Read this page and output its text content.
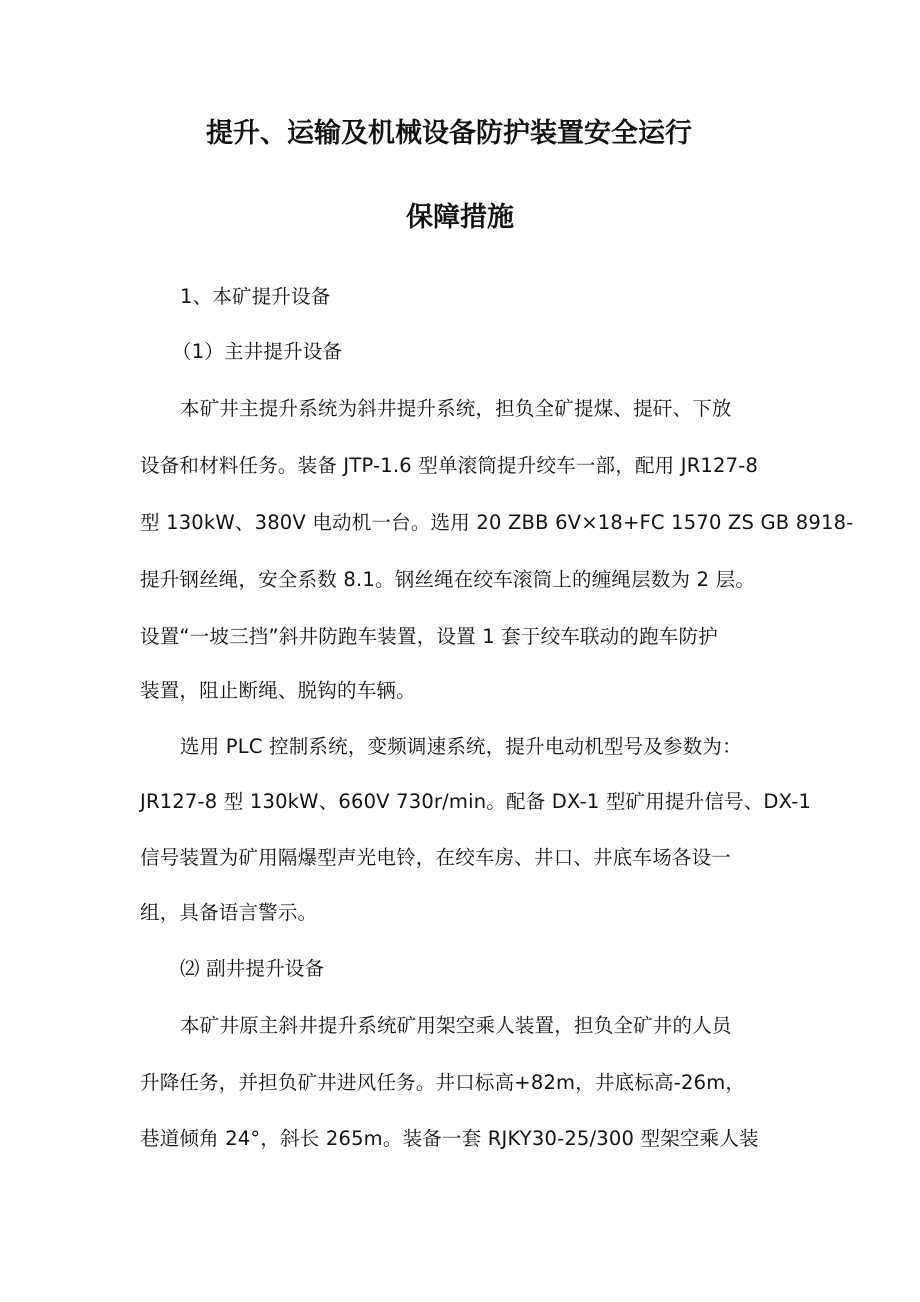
提升、运输及机械设备防护装置安全运行
保障措施

1、本矿提升设备

（1）主井提升设备

本矿井主提升系统为斜井提升系统，担负全矿提煤、提矸、下放

设备和材料任务。装备 JTP-1.6 型单滚筒提升绞车一部，配用 JR127-8

型 130kW、380V 电动机一台。选用 20 ZBB 6V×18+FC 1570 ZS GB 8918-

提升钢丝绳，安全系数 8.1。钢丝绳在绞车滚筒上的缠绳层数为 2 层。

设置“一坡三挡”斜井防跑车装置，设置 1 套于绞车联动的跑车防护

装置，阻止断绳、脱钩的车辆。

选用 PLC 控制系统，变频调速系统，提升电动机型号及参数为：

JR127-8 型 130kW、660V 730r/min。配备 DX-1 型矿用提升信号、DX-1

信号装置为矿用隔爆型声光电铃，在绞车房、井口、井底车场各设一

组，具备语言警示。

⑵ 副井提升设备

本矿井原主斜井提升系统矿用架空乘人装置，担负全矿井的人员

升降任务，并担负矿井进风任务。井口标高+82m，井底标高-26m，

巷道倾角 24°，斜长 265m。装备一套 RJKY30-25/300 型架空乘人装
